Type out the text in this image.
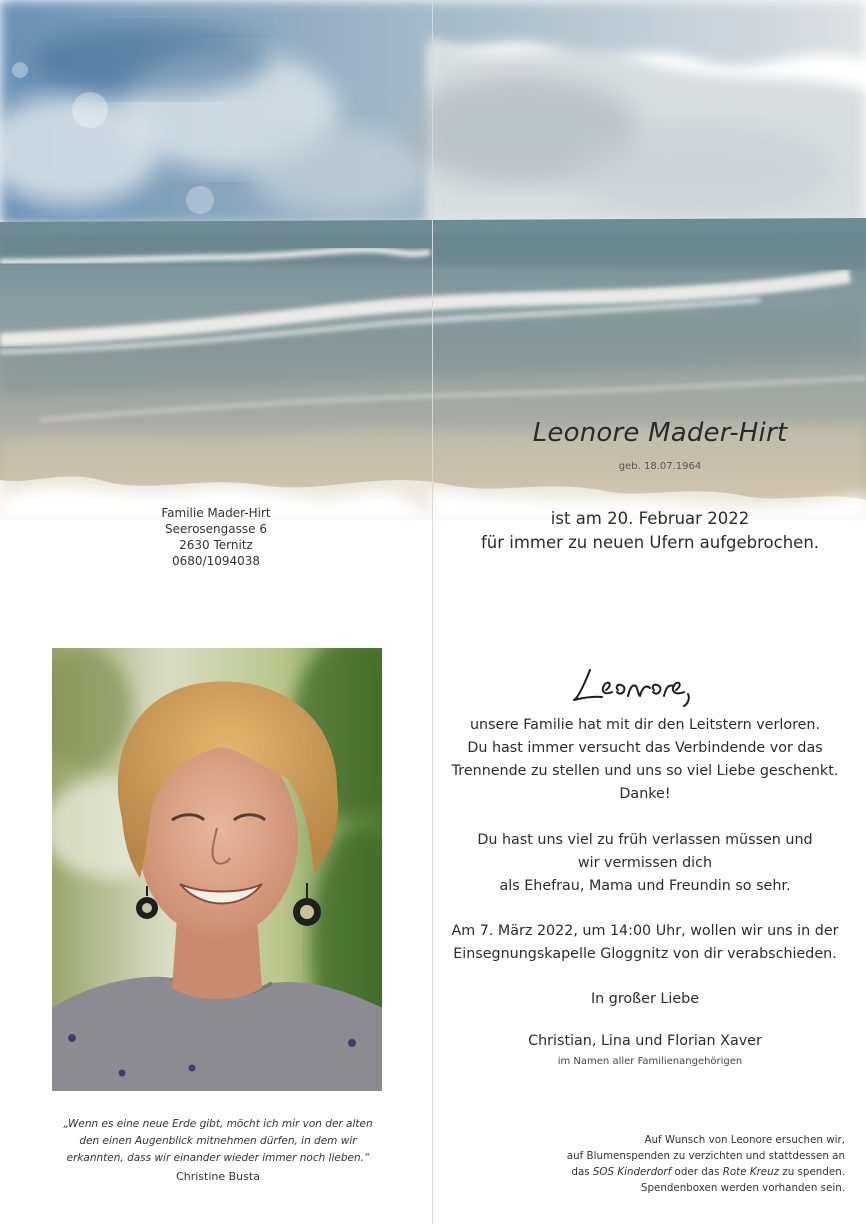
Familie Mader-Hirt
Seerosengasse 6
2630 Ternitz
0680/1094038
Leonore Mader-Hirt
geb. 18.07.1964
ist am 20. Februar 2022
für immer zu neuen Ufern aufgebrochen.
„Wenn es eine neue Erde gibt, möcht ich mir von der alten
den einen Augenblick mitnehmen dürfen, in dem wir
erkannten, dass wir einander wieder immer noch lieben.“
Christine Busta
unsere Familie hat mit dir den Leitstern verloren.
Du hast immer versucht das Verbindende vor das
Trennende zu stellen und uns so viel Liebe geschenkt.
Danke!
Du hast uns viel zu früh verlassen müssen und
wir vermissen dich
als Ehefrau, Mama und Freundin so sehr.
Am 7. März 2022, um 14:00 Uhr, wollen wir uns in der
Einsegnungskapelle Gloggnitz von dir verabschieden.
In großer Liebe
Christian, Lina und Florian Xaver
im Namen aller Familienangehörigen
Auf Wunsch von Leonore ersuchen wir,
auf Blumenspenden zu verzichten und stattdessen an
das SOS Kinderdorf oder das Rote Kreuz zu spenden.
Spendenboxen werden vorhanden sein.
